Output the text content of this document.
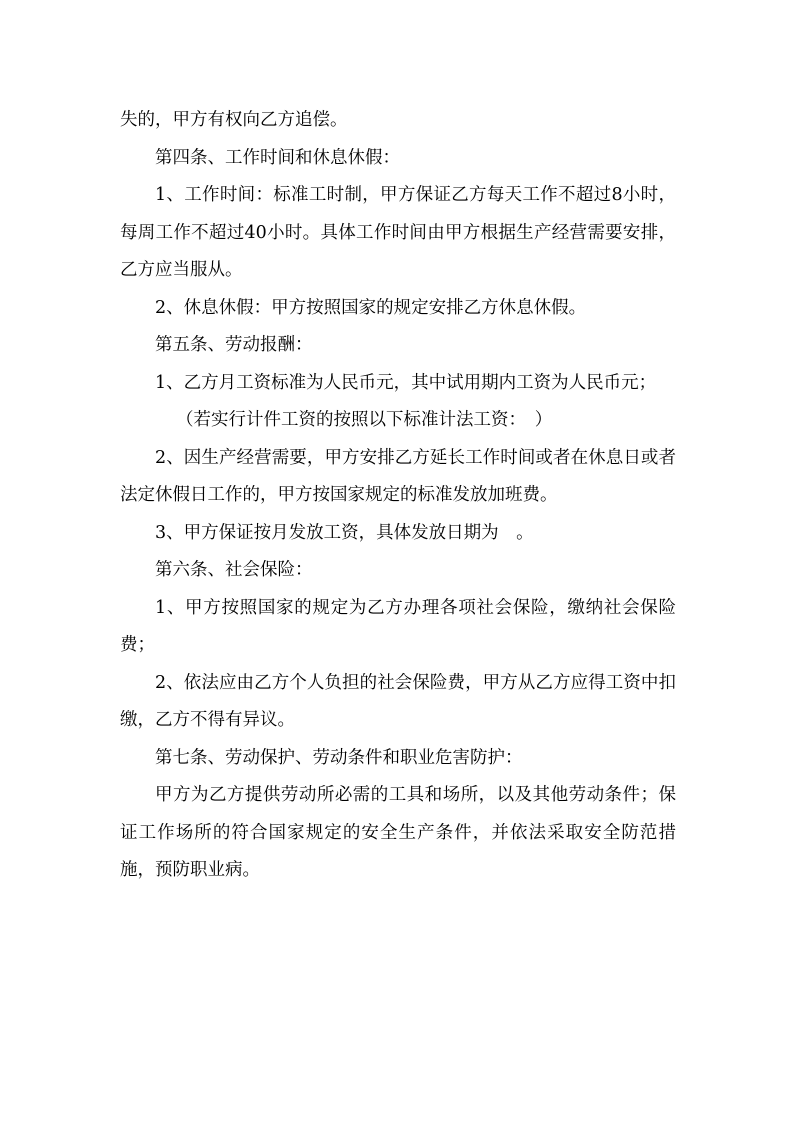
失的，甲方有权向乙方追偿。

第四条、工作时间和休息休假：

1、工作时间：标准工时制，甲方保证乙方每天工作不超过8小时，每周工作不超过40小时。具体工作时间由甲方根据生产经营需要安排，乙方应当服从。

2、休息休假：甲方按照国家的规定安排乙方休息休假。

第五条、劳动报酬：

1、乙方月工资标准为人民币元，其中试用期内工资为人民币元；

（若实行计件工资的按照以下标准计法工资：　）

2、因生产经营需要，甲方安排乙方延长工作时间或者在休息日或者法定休假日工作的，甲方按国家规定的标准发放加班费。

3、甲方保证按月发放工资，具体发放日期为　。

第六条、社会保险：

1、甲方按照国家的规定为乙方办理各项社会保险，缴纳社会保险费；

2、依法应由乙方个人负担的社会保险费，甲方从乙方应得工资中扣缴，乙方不得有异议。

第七条、劳动保护、劳动条件和职业危害防护：

甲方为乙方提供劳动所必需的工具和场所，以及其他劳动条件；保证工作场所的符合国家规定的安全生产条件，并依法采取安全防范措施，预防职业病。
